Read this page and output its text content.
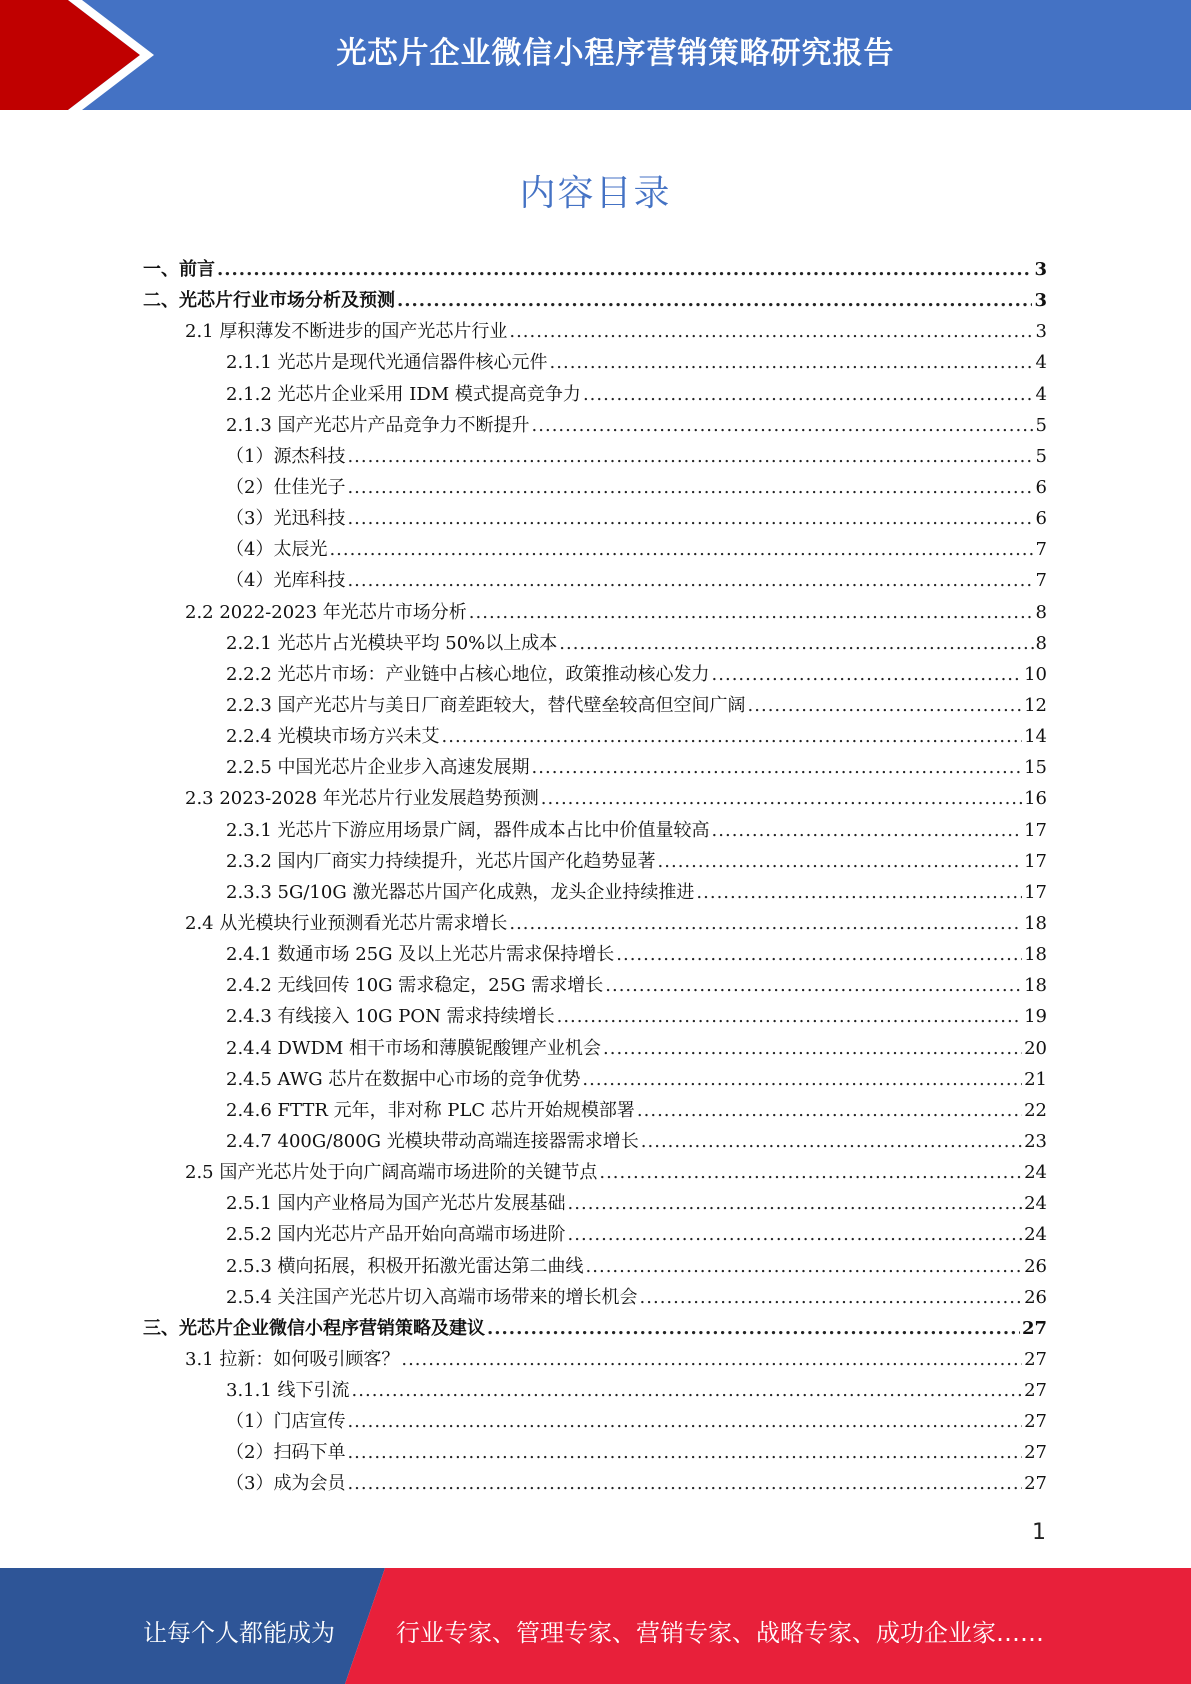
光芯片企业微信小程序营销策略研究报告
内容目录
一、前言 .....	3
二、光芯片行业市场分析及预测 .....	3
2.1 厚积薄发不断进步的国产光芯片行业 .....	3
2.1.1 光芯片是现代光通信器件核心元件 .....	4
2.1.2 光芯片企业采用 IDM 模式提高竞争力 .....	4
2.1.3 国产光芯片产品竞争力不断提升 .....	5
（1）源杰科技 .....	5
（2）仕佳光子 .....	6
（3）光迅科技 .....	6
（4）太辰光 .....	7
（4）光库科技 .....	7
2.2 2022-2023 年光芯片市场分析 .....	8
2.2.1 光芯片占光模块平均 50%以上成本 .....	8
2.2.2 光芯片市场：产业链中占核心地位，政策推动核心发力 .....	10
2.2.3 国产光芯片与美日厂商差距较大，替代壁垒较高但空间广阔 .....	12
2.2.4 光模块市场方兴未艾 .....	14
2.2.5 中国光芯片企业步入高速发展期 .....	15
2.3 2023-2028 年光芯片行业发展趋势预测 .....	16
2.3.1 光芯片下游应用场景广阔，器件成本占比中价值量较高 .....	17
2.3.2 国内厂商实力持续提升，光芯片国产化趋势显著 .....	17
2.3.3 5G/10G 激光器芯片国产化成熟，龙头企业持续推进 .....	17
2.4 从光模块行业预测看光芯片需求增长 .....	18
2.4.1 数通市场 25G 及以上光芯片需求保持增长 .....	18
2.4.2 无线回传 10G 需求稳定，25G 需求增长 .....	18
2.4.3 有线接入 10G PON 需求持续增长 .....	19
2.4.4 DWDM 相干市场和薄膜铌酸锂产业机会 .....	20
2.4.5 AWG 芯片在数据中心市场的竞争优势 .....	21
2.4.6 FTTR 元年，非对称 PLC 芯片开始规模部署 .....	22
2.4.7 400G/800G 光模块带动高端连接器需求增长 .....	23
2.5 国产光芯片处于向广阔高端市场进阶的关键节点 .....	24
2.5.1 国内产业格局为国产光芯片发展基础 .....	24
2.5.2 国内光芯片产品开始向高端市场进阶 .....	24
2.5.3 横向拓展，积极开拓激光雷达第二曲线 .....	26
2.5.4 关注国产光芯片切入高端市场带来的增长机会 .....	26
三、光芯片企业微信小程序营销策略及建议 .....	27
3.1 拉新：如何吸引顾客？ .....	27
3.1.1 线下引流 .....	27
（1）门店宣传 .....	27
（2）扫码下单 .....	27
（3）成为会员 .....	27
1
让每个人都能成为	行业专家、管理专家、营销专家、战略专家、成功企业家……
